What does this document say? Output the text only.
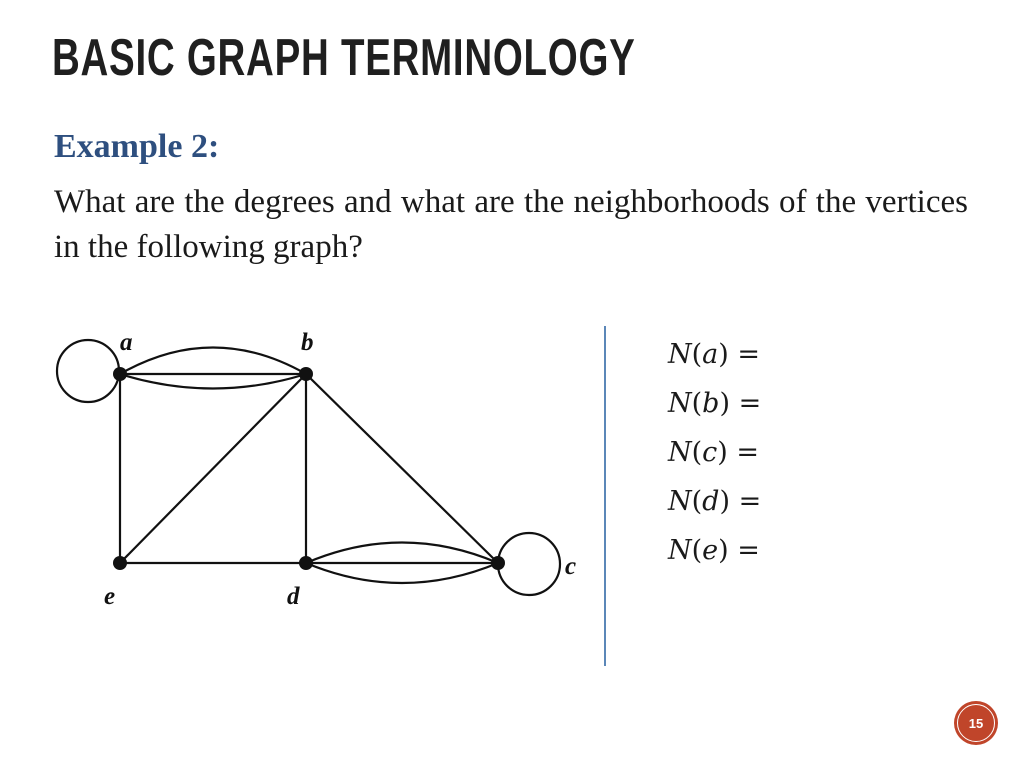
BASIC GRAPH TERMINOLOGY
Example 2:
What are the degrees and what are the neighborhoods of the vertices in the following graph?
a	b
c
d
e
N(a) =
N(b) =
N(c) =
N(d) =
N(e) =
15
